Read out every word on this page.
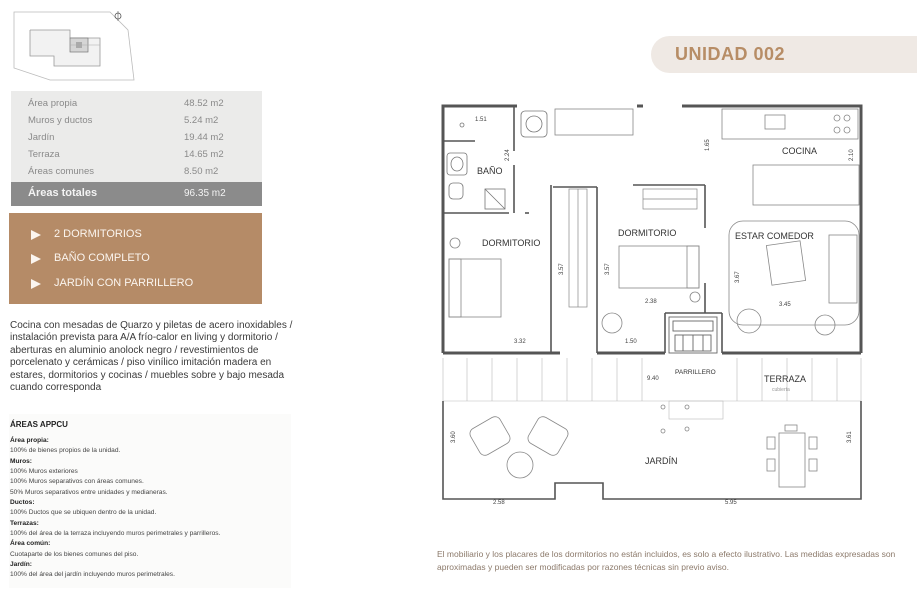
Área propia	48.52 m2
Muros y ductos	5.24 m2
Jardín	19.44 m2
Terraza	14.65 m2
Áreas comunes	8.50 m2
Áreas totales	96.35 m2
2 DORMITORIOS
BAÑO COMPLETO
JARDÍN CON PARRILLERO
Cocina con mesadas de Quarzo y piletas de acero inoxidables / instalación prevista para A/A frío-calor en living y dormitorio / aberturas en aluminio anolock negro / revestimientos de porcelenato y cerámicas / piso vinílico imitación madera en estares, dormitorios y cocinas / muebles sobre y bajo mesada cuando corresponda
ÁREAS APPCU
Área propia:
100% de bienes propios de la unidad.
Muros:
100% Muros exteriores
100% Muros separativos con áreas comunes.
50% Muros separativos entre unidades y medianeras.
Ductos:
100% Ductos que se ubiquen dentro de la unidad.
Terrazas:
100% del área de la terraza incluyendo muros perimetrales y parrilleros.
Área común:
Cuotaparte de los bienes comunes del piso.
Jardín:
100% del área del jardín incluyendo muros perimetrales.
UNIDAD 002
BAÑO
DORMITORIO
DORMITORIO
COCINA
ESTAR COMEDOR
PARRILLERO
TERRAZA
cubierta
JARDÍN
1.51
2.24
1.65
2.10
3.57	3.57
3.67
2.38	3.45
3.32	1.50
9.40
3.60	3.61
2.58	5.95
El mobiliario y los placares de los dormitorios no están incluidos, es solo a efecto ilustrativo. Las medidas expresadas son aproximadas y pueden ser modificadas por razones técnicas sin previo aviso.
